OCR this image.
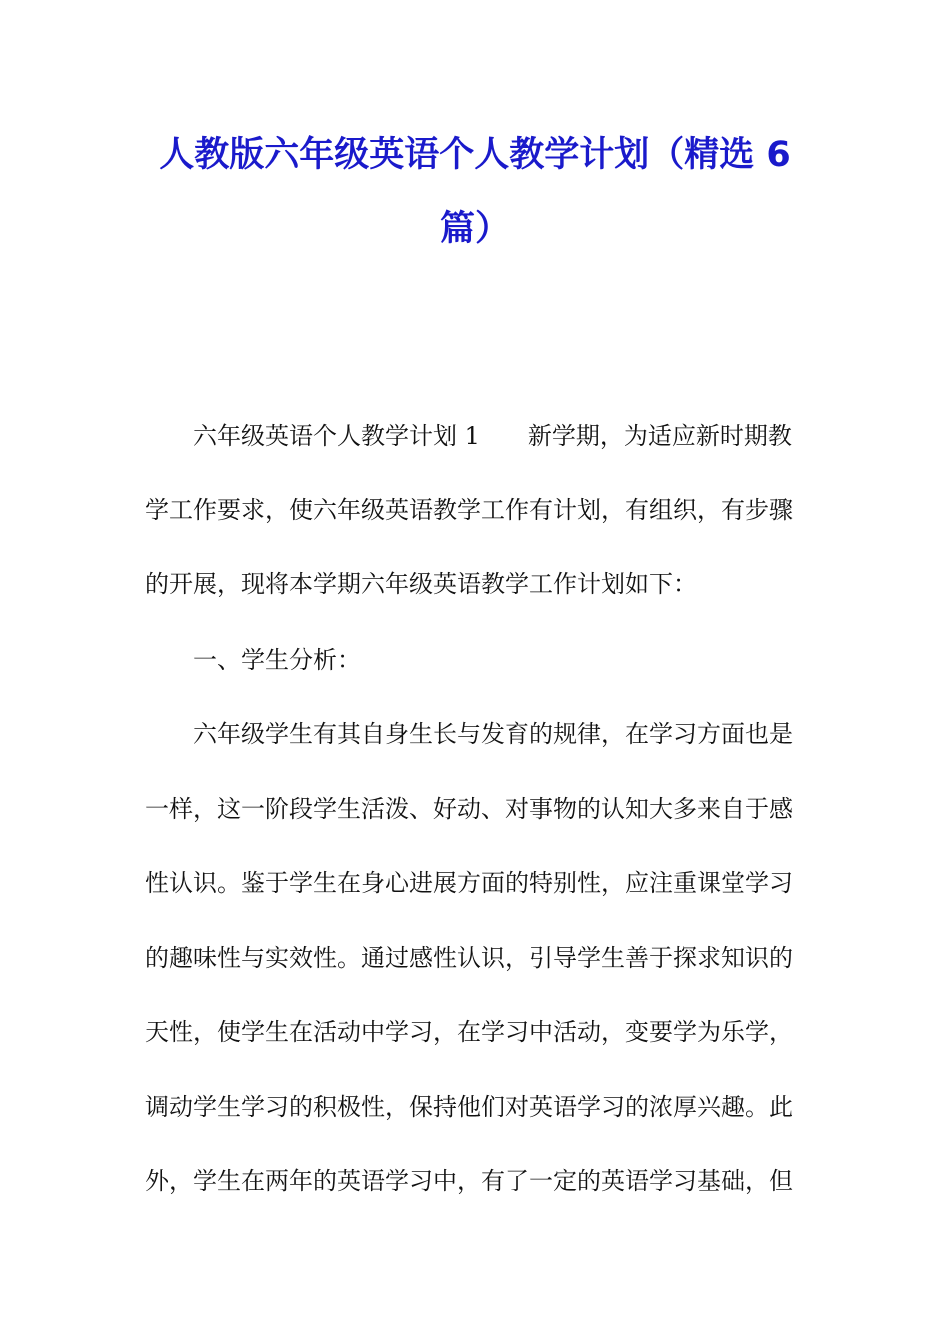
人教版六年级英语个人教学计划（精选 6
篇）

六年级英语个人教学计划 1 新学期，为适应新时期教

学工作要求，使六年级英语教学工作有计划，有组织，有步骤

的开展，现将本学期六年级英语教学工作计划如下：

一、学生分析：

六年级学生有其自身生长与发育的规律，在学习方面也是

一样，这一阶段学生活泼、好动、对事物的认知大多来自于感

性认识。鉴于学生在身心进展方面的特别性，应注重课堂学习

的趣味性与实效性。通过感性认识，引导学生善于探求知识的

天性，使学生在活动中学习，在学习中活动，变要学为乐学，

调动学生学习的积极性，保持他们对英语学习的浓厚兴趣。此

外，学生在两年的英语学习中，有了一定的英语学习基础，但
